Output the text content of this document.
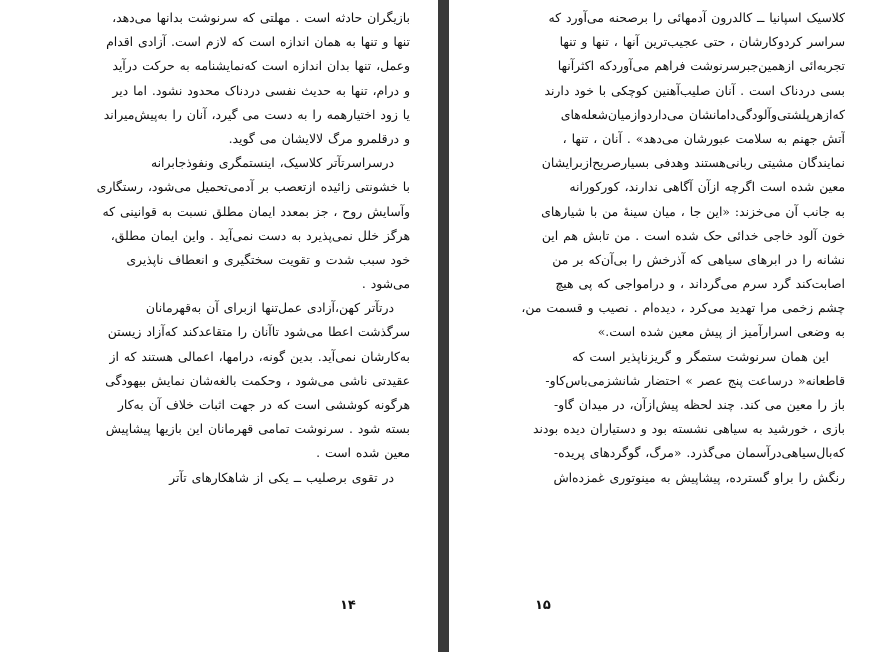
بازیگران حادثه است . مهلتی که سرنوشت بدانها می‌دهد،
تنها و تنها به همان اندازه است که لازم است. آزادی اقدام
وعمل، تنها بدان اندازه است که‌نمایشنامه به حرکت درآید
و درام، تنها به حدیث نفسی دردناک محدود نشود. اما دیر
یا زود اختیارهمه را به دست می گیرد، آنان را به‌پیش‌میراند
و درقلمرو مرگ لالایشان می گوید.
درسراسرتآتر کلاسیک، اینستمگری ونفوذجابرانه
با خشونتی زائیده ازتعصب بر آدمی‌تحمیل می‌شود، رستگاری
وآسایش روح ، جز بمعدد ایمان مطلق نسبت به قوانینی که
هرگز خلل نمی‌پذیرد به دست نمی‌آید . واین ایمان مطلق،
خود سبب شدت و تقویت سختگیری و انعطاف ناپذیری
می‌شود .
درتآتر کهن،آزادی عمل‌تنها ازبرای آن به‌قهرمانان
سرگذشت اعطا می‌شود تاآنان را متقاعدکند که‌آزاد زیستن
به‌کارشان نمی‌آید. بدین گونه، درامها، اعمالی هستند که از
عقیدتی ناشی می‌شود ، وحکمت بالغه‌شان نمایش بیهودگی
هرگونه کوششی است که در جهت اثبات خلاف آن به‌کار
بسته شود . سرنوشت تمامی قهرمانان این بازیها پیشاپیش
معین شده است .
در تقوی برصلیب ــ یکی از شاهکارهای تآتر
۱۴
کلاسیک اسپانیا ــ کالدرون آدمهائی را برصحنه می‌آورد که
سراسر کردوکارشان ، حتی عجیب‌ترین آنها ، تنها و تنها
تجربه‌ائی ازهمین‌جبرسرنوشت فراهم می‌آوردکه اکثرآنها
بسی دردناک است . آنان صلیب‌آهنین کوچکی با خود دارند
که‌ازهرپلشتی‌وآلودگی‌دامانشان می‌داردو‌ازمیان‌شعله‌های
آتش جهنم به سلامت عبورشان می‌دهد» . آنان ، تنها ،
نمایندگان مشیتی ربانی‌هستند وهدفی بسیارصریح‌ازبرایشان
معین شده است اگرچه ازآن آگاهی ندارند، کورکورانه
به جانب آن می‌خزند: «این جا ، میان سینهٔ من با شیارهای
خون آلود خاجی خدائی حک شده است . من تابش هم این
نشانه را در ابرهای سیاهی که آذرخش را بی‌آن‌که بر من
اصابت‌کند گرد سرم می‌گرداند ، و درامواجی که پی هیچ
چشم زخمی مرا تهدید می‌کرد ، دیده‌ام . نصیب و قسمت من،
به وضعی اسرارآمیز از پیش معین شده است.»
این همان سرنوشت ستمگر و گریزناپذیر است که
قاطعانه« درساعت پنج عصر » احتضار شانشزمی‌باس‌کاو-
باز را معین می کند. چند لحظه پیش‌ازآن، در میدان گاو-
بازی ، خورشید به سیاهی نشسته بود و دستیاران دیده بودند
که‌بال‌سیاهی‌درآسمان می‌گذرد. «مرگ، گوگردهای پریده‌-
رنگش را براو گسترده، پیشاپیش به مینوتوری غمزده‌اش
۱۵
